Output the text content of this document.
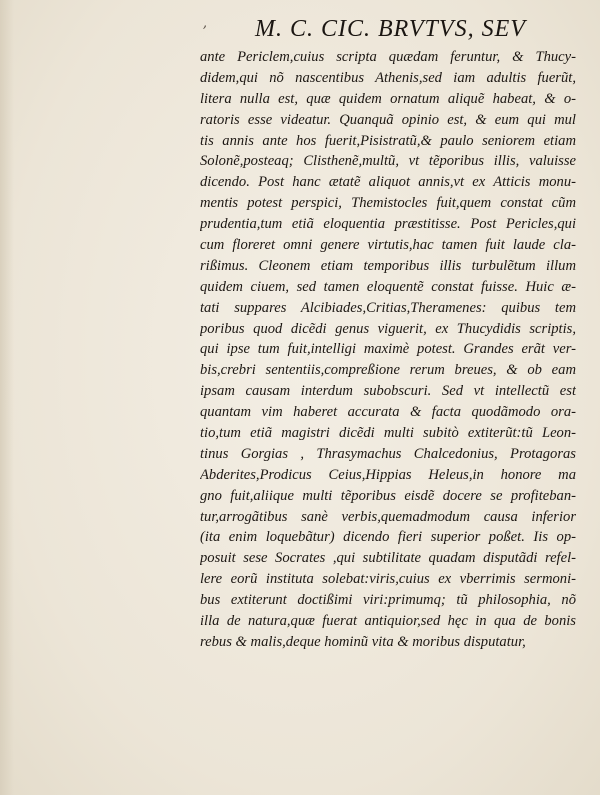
ʼ M. C. CIC. BRVTVS, SEV
ante Periclem,cuius scripta quædam feruntur, & Thucy-
didem,qui nõ nascentibus Athenis,sed iam adultis fuerũt,
litera nulla est, quæ quidem ornatum aliquẽ habeat, & o-
ratoris esse videatur. Quanquã opinio est, & eum qui mul
tis annis ante hos fuerit,Pisistratũ,& paulo seniorem etiam
Solonẽ,posteaq; Clisthenẽ,multũ, vt tẽporibus illis, valuisse
dicendo. Post hanc ætatẽ aliquot annis,vt ex Atticis monu-
mentis potest perspici, Themistocles fuit,quem constat cũm
prudentia,tum etiã eloquentia præstitisse. Post Pericles,qui
cum floreret omni genere virtutis,hac tamen fuit laude cla-
rißimus. Cleonem etiam temporibus illis turbulẽtum illum
quidem ciuem, sed tamen eloquentẽ constat fuisse. Huic æ-
tati suppares Alcibiades,Critias,Theramenes: quibus tem
poribus quod dicẽdi genus viguerit, ex Thucydidis scriptis,
qui ipse tum fuit,intelligi maximè potest. Grandes erãt ver-
bis,crebri sententiis,compreßione rerum breues, & ob eam
ipsam causam interdum subobscuri. Sed vt intellectũ est
quantam vim haberet accurata & facta quodãmodo ora-
tio,tum etiã magistri dicẽdi multi subitò extiterũt:tũ Leon-
tinus Gorgias , Thrasymachus Chalcedonius, Protagoras
Abderites,Prodicus Ceius,Hippias Heleus,in honore ma
gno fuit,aliique multi tẽporibus eisdẽ docere se profiteban-
tur,arrogãtibus sanè verbis,quemadmodum causa inferior
(ita enim loquebãtur) dicendo fieri superior poßet. Iis op-
posuit sese Socrates ,qui subtilitate quadam disputãdi refel-
lere eorũ instituta solebat:viris,cuius ex vberrimis sermoni-
bus extiterunt doctißimi viri:primumq; tũ philosophia, nõ
illa de natura,quæ fuerat antiquior,sed hęc in qua de bonis
rebus & malis,deque hominũ vita & moribus disputatur,
